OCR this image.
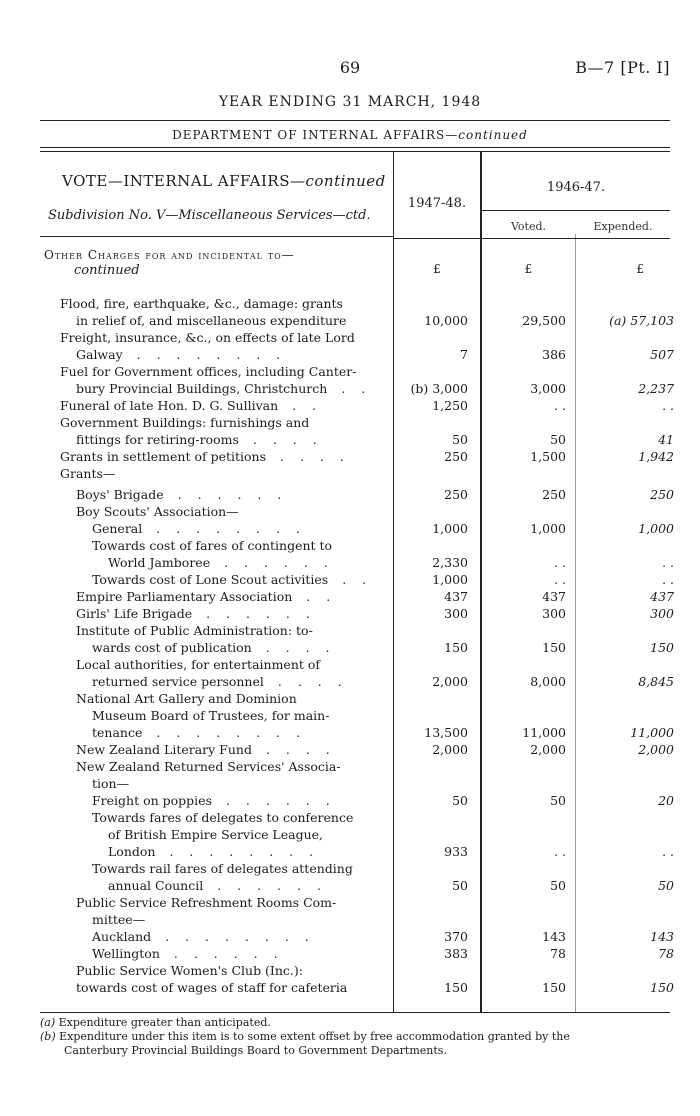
69	B—7 [Pt. I]
YEAR ENDING 31 MARCH, 1948
DEPARTMENT OF INTERNAL AFFAIRS—continued
VOTE—INTERNAL AFFAIRS—continued
Subdivision No. V—Miscellaneous Services—ctd.
Other Charges for and incidental to—
continued
1947-48.
1946-47.
Voted.	Expended.
£	£	£
Flood, fire, earthquake, &c., damage: grants
in relief of, and miscellaneous expenditure	10,000	29,500	(a) 57,103
Freight, insurance, &c., on effects of late Lord
Galway . . . . . . . .	7	386	507
Fuel for Government offices, including Canter-
bury Provincial Buildings, Christchurch . .	(b) 3,000	3,000	2,237
Funeral of late Hon. D. G. Sullivan . .	1,250	. .	. .
Government Buildings: furnishings and
fittings for retiring-rooms . . . .	50	50	41
Grants in settlement of petitions . . . .	250	1,500	1,942
Grants—
Boys' Brigade . . . . . .	250	250	250
Boy Scouts' Association—
General . . . . . . . .	1,000	1,000	1,000
Towards cost of fares of contingent to
World Jamboree . . . . . .	2,330	. .	. .
Towards cost of Lone Scout activities . .	1,000	. .	. .
Empire Parliamentary Association . .	437	437	437
Girls' Life Brigade . . . . . .	300	300	300
Institute of Public Administration: to-
wards cost of publication . . . .	150	150	150
Local authorities, for entertainment of
returned service personnel . . . .	2,000	8,000	8,845
National Art Gallery and Dominion
Museum Board of Trustees, for main-
tenance . . . . . . . .	13,500	11,000	11,000
New Zealand Literary Fund . . . .	2,000	2,000	2,000
New Zealand Returned Services' Associa-
tion—
Freight on poppies . . . . . .	50	50	20
Towards fares of delegates to conference
of British Empire Service League,
London . . . . . . . .	933	. .	. .
Towards rail fares of delegates attending
annual Council . . . . . .	50	50	50
Public Service Refreshment Rooms Com-
mittee—
Auckland . . . . . . . .	370	143	143
Wellington . . . . . .	383	78	78
Public Service Women's Club (Inc.):
towards cost of wages of staff for cafeteria	150	150	150
(a) Expenditure greater than anticipated.
(b) Expenditure under this item is to some extent offset by free accommodation granted by the
Canterbury Provincial Buildings Board to Government Departments.
